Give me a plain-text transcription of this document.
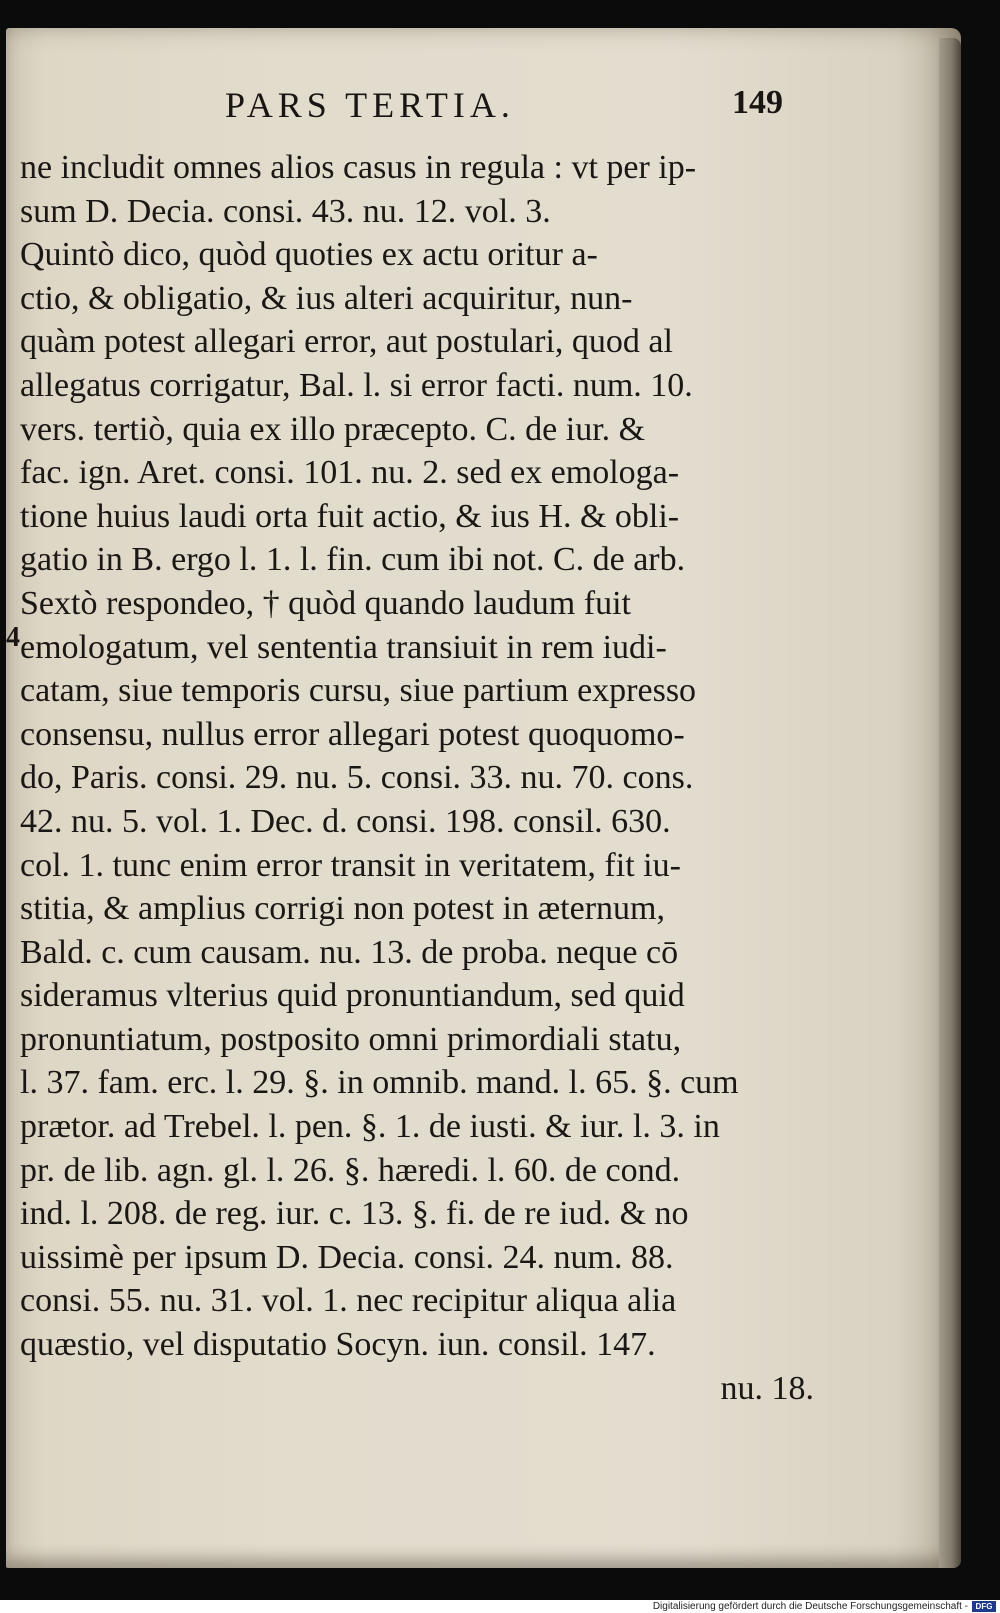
PARS TERTIA.	149
4
ne includit omnes alios casus in regula : vt per ip-
sum D. Decia. consi. 43. nu. 12. vol. 3.
Quintò dico, quòd quoties ex actu oritur a-
ctio, & obligatio, & ius alteri acquiritur, nun-
quàm potest allegari error, aut postulari, quod al
allegatus corrigatur, Bal. l. si error facti. num. 10.
vers. tertiò, quia ex illo præcepto. C. de iur. &
fac. ign. Aret. consi. 101. nu. 2. sed ex emologa-
tione huius laudi orta fuit actio, & ius H. & obli-
gatio in B. ergo l. 1. l. fin. cum ibi not. C. de arb.
Sextò respondeo, † quòd quando laudum fuit
emologatum, vel sententia transiuit in rem iudi-
catam, siue temporis cursu, siue partium expresso
consensu, nullus error allegari potest quoquomo-
do, Paris. consi. 29. nu. 5. consi. 33. nu. 70. cons.
42. nu. 5. vol. 1. Dec. d. consi. 198. consil. 630.
col. 1. tunc enim error transit in veritatem, fit iu-
stitia, & amplius corrigi non potest in æternum,
Bald. c. cum causam. nu. 13. de proba. neque cō
sideramus vlterius quid pronuntiandum, sed quid
pronuntiatum, postposito omni primordiali statu,
l. 37. fam. erc. l. 29. §. in omnib. mand. l. 65. §. cum
prætor. ad Trebel. l. pen. §. 1. de iusti. & iur. l. 3. in
pr. de lib. agn. gl. l. 26. §. hæredi. l. 60. de cond.
ind. l. 208. de reg. iur. c. 13. §. fi. de re iud. & no
uissimè per ipsum D. Decia. consi. 24. num. 88.
consi. 55. nu. 31. vol. 1. nec recipitur aliqua alia
quæstio, vel disputatio Socyn. iun. consil. 147.
nu. 18.
Digitalisierung gefördert durch die Deutsche Forschungsgemeinschaft - DFG
